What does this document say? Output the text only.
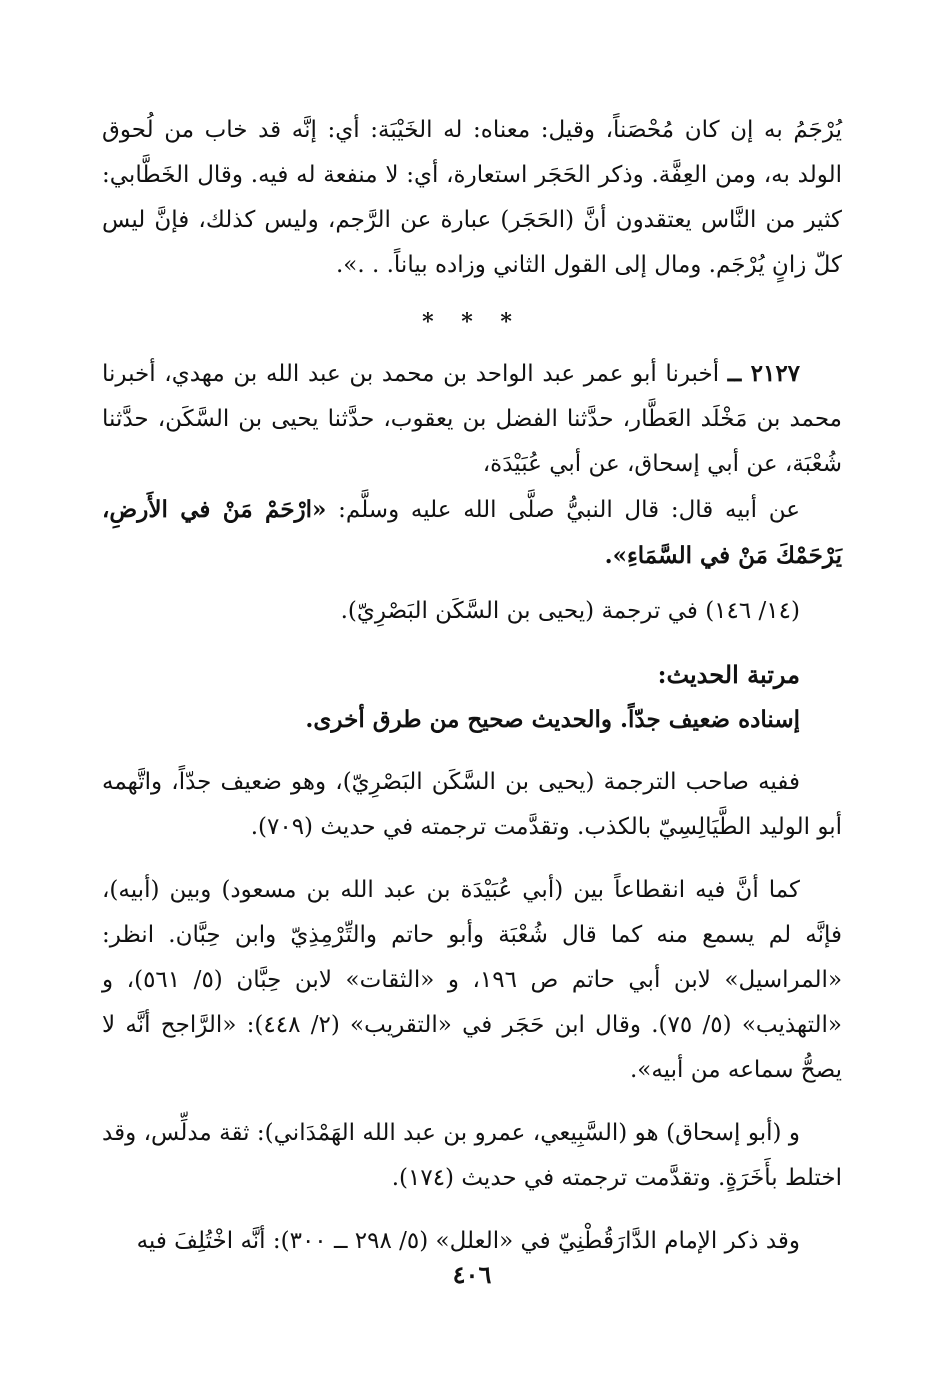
يُرْجَمُ به إن كان مُحْصَناً، وقيل: معناه: له الخَيْبَة: أي: إنَّه قد خاب من لُحوق الولد به، ومن العِفَّة. وذكر الحَجَر استعارة، أي: لا منفعة له فيه. وقال الخَطَّابي: كثير من النَّاس يعتقدون أنَّ (الحَجَر) عبارة عن الرَّجم، وليس كذلك، فإنَّ ليس كلّ زانٍ يُرْجَم. ومال إلى القول الثاني وزاده بياناً. . .».

* * *

٢١٢٧ ــ أخبرنا أبو عمر عبد الواحد بن محمد بن عبد الله بن مهدي، أخبرنا محمد بن مَخْلَد العَطَّار، حدَّثنا الفضل بن يعقوب، حدَّثنا يحيى بن السَّكَن، حدَّثنا شُعْبَة، عن أبي إسحاق، عن أبي عُبَيْدَة،

عن أبيه قال: قال النبيُّ صلَّى الله عليه وسلَّم: «ارْحَمْ مَنْ في الأَرضِ، يَرْحَمْكَ مَنْ في السَّمَاءِ».

(١٤/ ١٤٦) في ترجمة (يحيى بن السَّكَن البَصْرِيّ).

مرتبة الحديث:

إسناده ضعيف جدّاً. والحديث صحيح من طرق أخرى.

ففيه صاحب الترجمة (يحيى بن السَّكَن البَصْرِيّ)، وهو ضعيف جدّاً، واتَّهمه أبو الوليد الطَّيَالِسِيّ بالكذب. وتقدَّمت ترجمته في حديث (٧٠٩).

كما أنَّ فيه انقطاعاً بين (أبي عُبَيْدَة بن عبد الله بن مسعود) وبين (أبيه)، فإنَّه لم يسمع منه كما قال شُعْبَة وأبو حاتم والتِّرْمِذِيّ وابن حِبَّان. انظر: «المراسيل» لابن أبي حاتم ص ١٩٦، و «الثقات» لابن حِبَّان (٥/ ٥٦١)، و «التهذيب» (٥/ ٧٥). وقال ابن حَجَر في «التقريب» (٢/ ٤٤٨): «الرَّاجح أنَّه لا يصحُّ سماعه من أبيه».

و (أبو إسحاق) هو (السَّبِيعي، عمرو بن عبد الله الهَمْدَاني): ثقة مدلِّس، وقد اختلط بأَخَرَةٍ. وتقدَّمت ترجمته في حديث (١٧٤).

وقد ذكر الإمام الدَّارَقُطْنِيّ في «العلل» (٥/ ٢٩٨ ــ ٣٠٠): أنَّه اخْتُلِفَ فيه

٤٠٦
